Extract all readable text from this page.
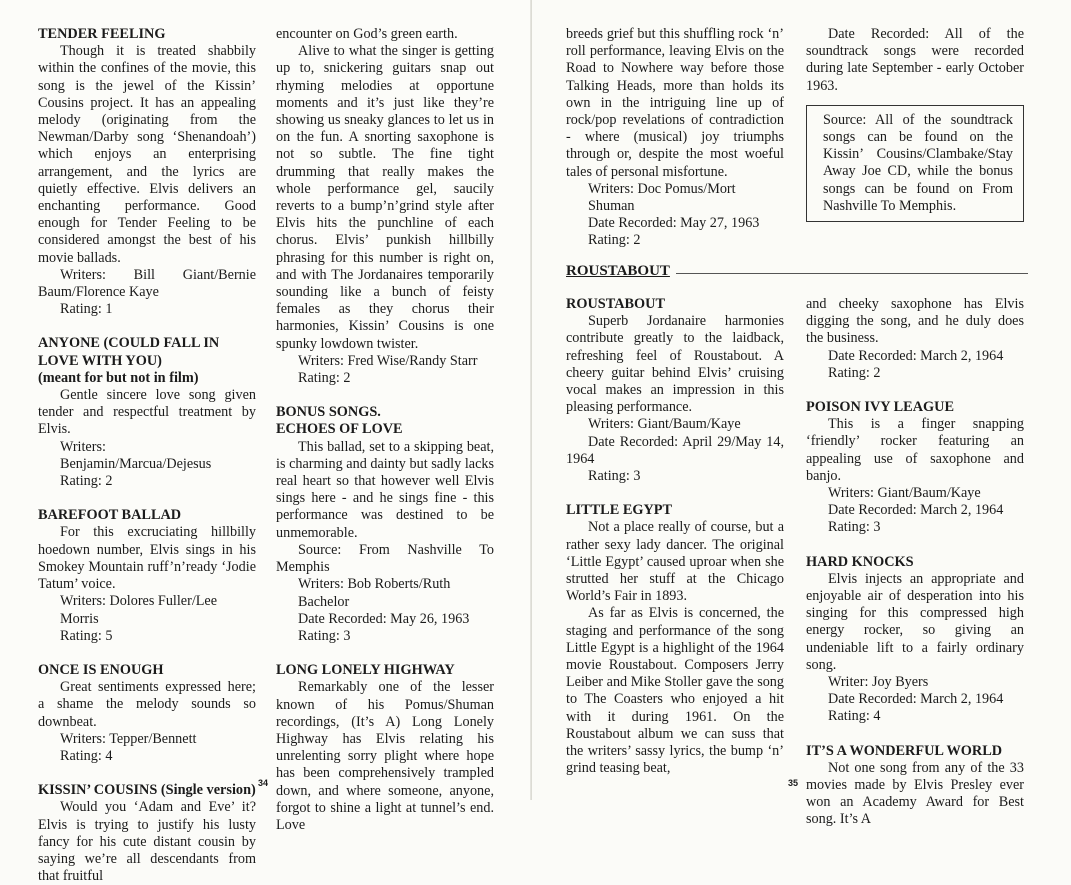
TENDER FEELING

Though it is treated shabbily within the confines of the movie, this song is the jewel of the Kissin’ Cousins project. It has an appealing melody (originating from the Newman/Darby song ‘Shenandoah’) which enjoys an enterprising arrangement, and the lyrics are quietly effective. Elvis delivers an enchanting performance. Good enough for Tender Feeling to be considered amongst the best of his movie ballads.

Writers: Bill Giant/Bernie Baum/Florence Kaye

Rating: 1

ANYONE (COULD FALL IN LOVE WITH YOU)
(meant for but not in film)

Gentle sincere love song given tender and respectful treatment by Elvis.

Writers: Benjamin/Marcua/Dejesus

Rating: 2

BAREFOOT BALLAD

For this excruciating hillbilly hoedown number, Elvis sings in his Smokey Mountain ruff’n’ready ‘Jodie Tatum’ voice.

Writers: Dolores Fuller/Lee Morris

Rating: 5

ONCE IS ENOUGH

Great sentiments expressed here; a shame the melody sounds so downbeat.

Writers: Tepper/Bennett

Rating: 4

KISSIN’ COUSINS (Single version)

Would you ‘Adam and Eve’ it? Elvis is trying to justify his lusty fancy for his cute distant cousin by saying we’re all descendants from that fruitful

encounter on God’s green earth.

Alive to what the singer is getting up to, snickering guitars snap out rhyming melodies at opportune moments and it’s just like they’re showing us sneaky glances to let us in on the fun. A snorting saxophone is not so subtle. The fine tight drumming that really makes the whole performance gel, saucily reverts to a bump’n’grind style after Elvis hits the punchline of each chorus. Elvis’ punkish hillbilly phrasing for this number is right on, and with The Jordanaires temporarily sounding like a bunch of feisty females as they chorus their harmonies, Kissin’ Cousins is one spunky lowdown twister.

Writers: Fred Wise/Randy Starr

Rating: 2

BONUS SONGS.
ECHOES OF LOVE

This ballad, set to a skipping beat, is charming and dainty but sadly lacks real heart so that however well Elvis sings here - and he sings fine - this performance was destined to be unmemorable.

Source: From Nashville To Memphis

Writers: Bob Roberts/Ruth Bachelor

Date Recorded: May 26, 1963

Rating: 3

LONG LONELY HIGHWAY

Remarkably one of the lesser known of his Pomus/Shuman recordings, (It’s A) Long Lonely Highway has Elvis relating his unrelenting sorry plight where hope has been comprehensively trampled down, and where someone, anyone, forgot to shine a light at tunnel’s end. Love

34	35

breeds grief but this shuffling rock ‘n’ roll performance, leaving Elvis on the Road to Nowhere way before those Talking Heads, more than holds its own in the intriguing line up of rock/pop revelations of contradiction - where (musical) joy triumphs through or, despite the most woeful tales of personal misfortune.

Writers: Doc Pomus/Mort Shuman

Date Recorded: May 27, 1963

Rating: 2

Date Recorded: All of the soundtrack songs were recorded during late September - early October 1963.

Source: All of the soundtrack songs can be found on the Kissin’ Cousins/Clambake/Stay Away Joe CD, while the bonus songs can be found on From Nashville To Memphis.

ROUSTABOUT
ROUSTABOUT

Superb Jordanaire harmonies contribute greatly to the laidback, refreshing feel of Roustabout. A cheery guitar behind Elvis’ cruising vocal makes an impression in this pleasing performance.

Writers: Giant/Baum/Kaye

Date Recorded: April 29/May 14, 1964

Rating: 3

LITTLE EGYPT

Not a place really of course, but a rather sexy lady dancer. The original ‘Little Egypt’ caused uproar when she strutted her stuff at the Chicago World’s Fair in 1893.

As far as Elvis is concerned, the staging and performance of the song Little Egypt is a highlight of the 1964 movie Roustabout. Composers Jerry Leiber and Mike Stoller gave the song to The Coasters who enjoyed a hit with it during 1961. On the Roustabout album we can suss that the writers’ sassy lyrics, the bump ‘n’ grind teasing beat,

and cheeky saxophone has Elvis digging the song, and he duly does the business.

Date Recorded: March 2, 1964

Rating: 2

POISON IVY LEAGUE

This is a finger snapping ‘friendly’ rocker featuring an appealing use of saxophone and banjo.

Writers: Giant/Baum/Kaye

Date Recorded: March 2, 1964

Rating: 3

HARD KNOCKS

Elvis injects an appropriate and enjoyable air of desperation into his singing for this compressed high energy rocker, so giving an undeniable lift to a fairly ordinary song.

Writer: Joy Byers

Date Recorded: March 2, 1964

Rating: 4

IT’S A WONDERFUL WORLD

Not one song from any of the 33 movies made by Elvis Presley ever won an Academy Award for Best song. It’s A
